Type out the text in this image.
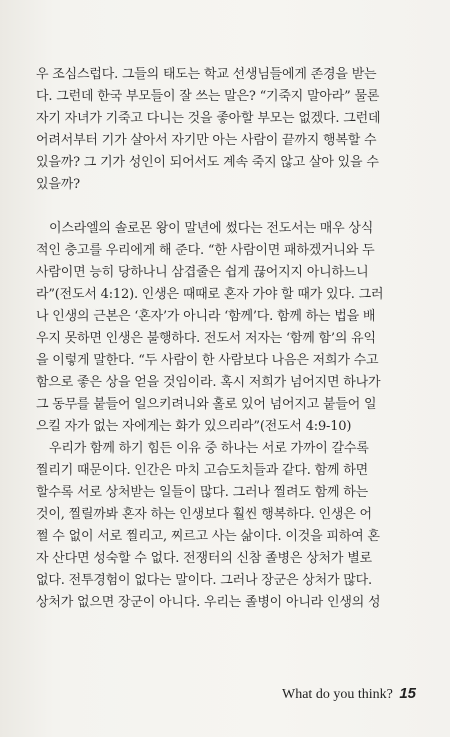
우 조심스럽다. 그들의 태도는 학교 선생님들에게 존경을 받는
다. 그런데 한국 부모들이 잘 쓰는 말은? “기죽지 말아라” 물론
자기 자녀가 기죽고 다니는 것을 좋아할 부모는 없겠다. 그런데
어려서부터 기가 살아서 자기만 아는 사람이 끝까지 행복할 수
있을까? 그 기가 성인이 되어서도 계속 죽지 않고 살아 있을 수
있을까?
이스라엘의 솔로몬 왕이 말년에 썼다는 전도서는 매우 상식
적인 충고를 우리에게 해 준다. “한 사람이면 패하겠거니와 두
사람이면 능히 당하나니 삼겹줄은 쉽게 끊어지지 아니하느니
라”(전도서 4:12). 인생은 때때로 혼자 가야 할 때가 있다. 그러
나 인생의 근본은 ‘혼자’가 아니라 ‘함께’다. 함께 하는 법을 배
우지 못하면 인생은 불행하다. 전도서 저자는 ‘함께 함’의 유익
을 이렇게 말한다. “두 사람이 한 사람보다 나음은 저희가 수고
함으로 좋은 상을 얻을 것임이라. 혹시 저희가 넘어지면 하나가
그 동무를 붙들어 일으키려니와 홀로 있어 넘어지고 붙들어 일
으킬 자가 없는 자에게는 화가 있으리라”(전도서 4:9-10)
우리가 함께 하기 힘든 이유 중 하나는 서로 가까이 갈수록
찔리기 때문이다. 인간은 마치 고슴도치들과 같다. 함께 하면
할수록 서로 상처받는 일들이 많다. 그러나 찔려도 함께 하는
것이, 찔릴까봐 혼자 하는 인생보다 훨씬 행복하다. 인생은 어
쩔 수 없이 서로 찔리고, 찌르고 사는 삶이다. 이것을 피하여 혼
자 산다면 성숙할 수 없다. 전쟁터의 신참 졸병은 상처가 별로
없다. 전투경험이 없다는 말이다. 그러나 장군은 상처가 많다.
상처가 없으면 장군이 아니다. 우리는 졸병이 아니라 인생의 성
What do you think? 15
